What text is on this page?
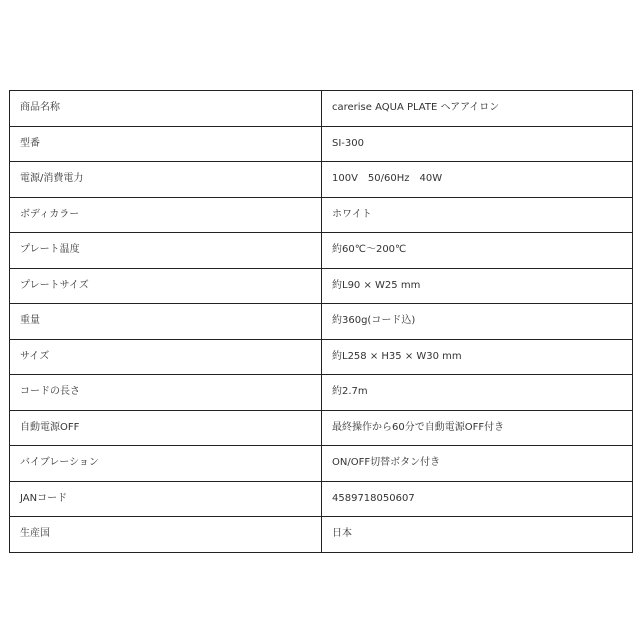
商品名称	carerise AQUA PLATE ヘアアイロン
型番	SI-300
電源/消費電力	100V　50/60Hz　40W
ボディカラー	ホワイト
プレート温度	約60℃〜200℃
プレートサイズ	約L90 × W25 mm
重量	約360g(コード込)
サイズ	約L258 × H35 × W30 mm
コードの長さ	約2.7m
自動電源OFF	最終操作から60分で自動電源OFF付き
バイブレーション	ON/OFF切替ボタン付き
JANコード	4589718050607
生産国	日本
